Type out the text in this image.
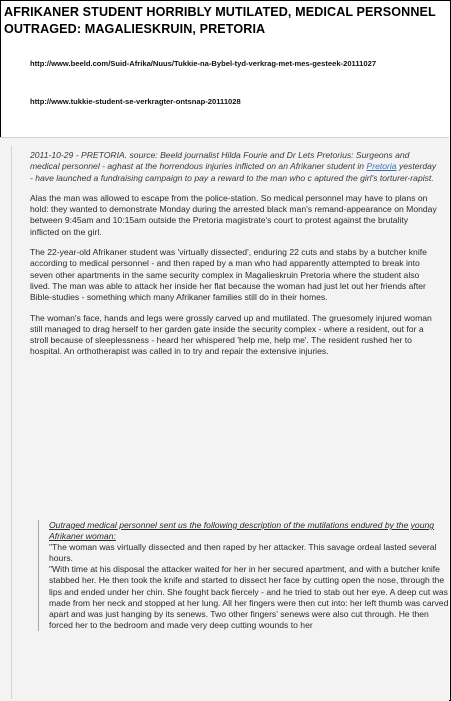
AFRIKANER STUDENT HORRIBLY MUTILATED, MEDICAL PERSONNEL OUTRAGED: MAGALIESKRUIN, PRETORIA
http://www.beeld.com/Suid-Afrika/Nuus/Tukkie-na-Bybel-tyd-verkrag-met-mes-gesteek-20111027
http://www.tukkie-student-se-verkragter-ontsnap-20111028

2011-10-29 - PRETORIA. source: Beeld journalist Hilda Fourie and Dr Lets Pretorius: Surgeons and medical personnel - aghast at the horrendous injuries inflicted on an Afrikaner student in Pretoria yesterday - have launched a fundraising campaign to pay a reward to the man who c aptured the girl's torturer-rapist.

Alas the man was allowed to escape from the police-station. So medical personnel may have to plans on hold: they wanted to demonstrate Monday during the arrested black man's remand-appearance on Monday between 9:45am and 10:15am outside the Pretoria magistrate's court to protest against the brutality inflicted on the girl.

The 22-year-old Afrikaner student was 'virtually dissected', enduring 22 cuts and stabs by a butcher knife according to medical personnel - and then raped by a man who had apparently attempted to break into seven other apartments in the same security complex in Magalieskruin Pretoria where the student also lived. The man was able to attack her inside her flat because the woman had just let out her friends after Bible-studies - something which many Afrikaner families still do in their homes.

The woman's face, hands and legs were grossly carved up and mutilated. The gruesomely injured woman still managed to drag herself to her garden gate inside the security complex - where a resident, out for a stroll because of sleeplessness - heard her whispered 'help me, help me'. The resident rushed her to hospital. An orthotherapist was called in to try and repair the extensive injuries.

Outraged medical personnel sent us the following description of the mutilations endured by the young Afrikaner woman:

"The woman was virtually dissected and then raped by her attacker. This savage ordeal lasted several hours.

"With time at his disposal the attacker waited for her in her secured apartment, and with a butcher knife stabbed her. He then took the knife and started to dissect her face by cutting open the nose, through the lips and ended under her chin. She fought back fiercely - and he tried to stab out her eye. A deep cut was made from her neck and stopped at her lung. All her fingers were then cut into: her left thumb was carved apart and was just hanging by its senews. Two other fingers' senews were also cut through. He then forced her to the bedroom and made very deep cutting wounds to her
